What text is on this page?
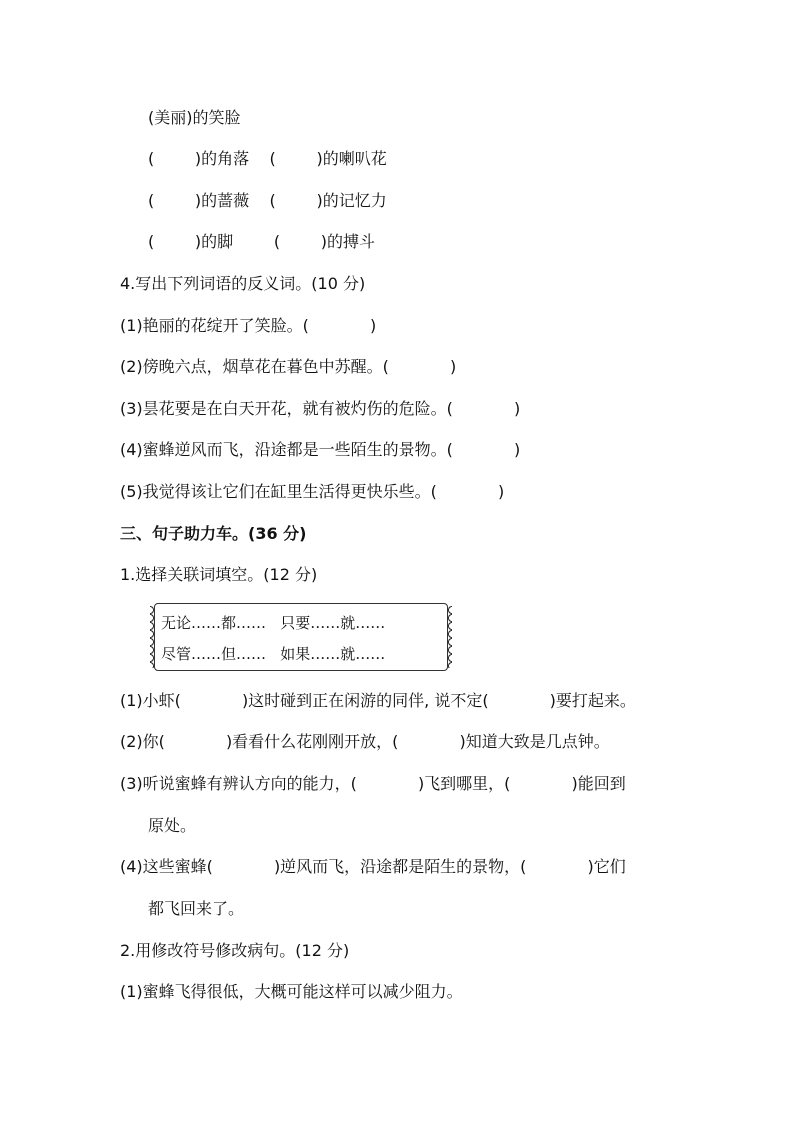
(美丽)的笑脸
(        )的角落    (        )的喇叭花
(        )的蔷薇    (        )的记忆力
(        )的脚        (        )的搏斗
4.写出下列词语的反义词。(10 分)
(1)艳丽的花绽开了笑脸。(            )
(2)傍晚六点，烟草花在暮色中苏醒。(            )
(3)昙花要是在白天开花，就有被灼伤的危险。(            )
(4)蜜蜂逆风而飞，沿途都是一些陌生的景物。(            )
(5)我觉得该让它们在缸里生活得更快乐些。(            )
三、句子助力车。(36 分)
1.选择关联词填空。(12 分)
无论……都……   只要……就……
尽管……但……   如果……就……
(1)小虾(            )这时碰到正在闲游的同伴, 说不定(            )要打起来。
(2)你(            )看看什么花刚刚开放，(            )知道大致是几点钟。
(3)听说蜜蜂有辨认方向的能力，(            )飞到哪里，(            )能回到
原处。
(4)这些蜜蜂(            )逆风而飞，沿途都是陌生的景物，(            )它们
都飞回来了。
2.用修改符号修改病句。(12 分)
(1)蜜蜂飞得很低，大概可能这样可以减少阻力。
